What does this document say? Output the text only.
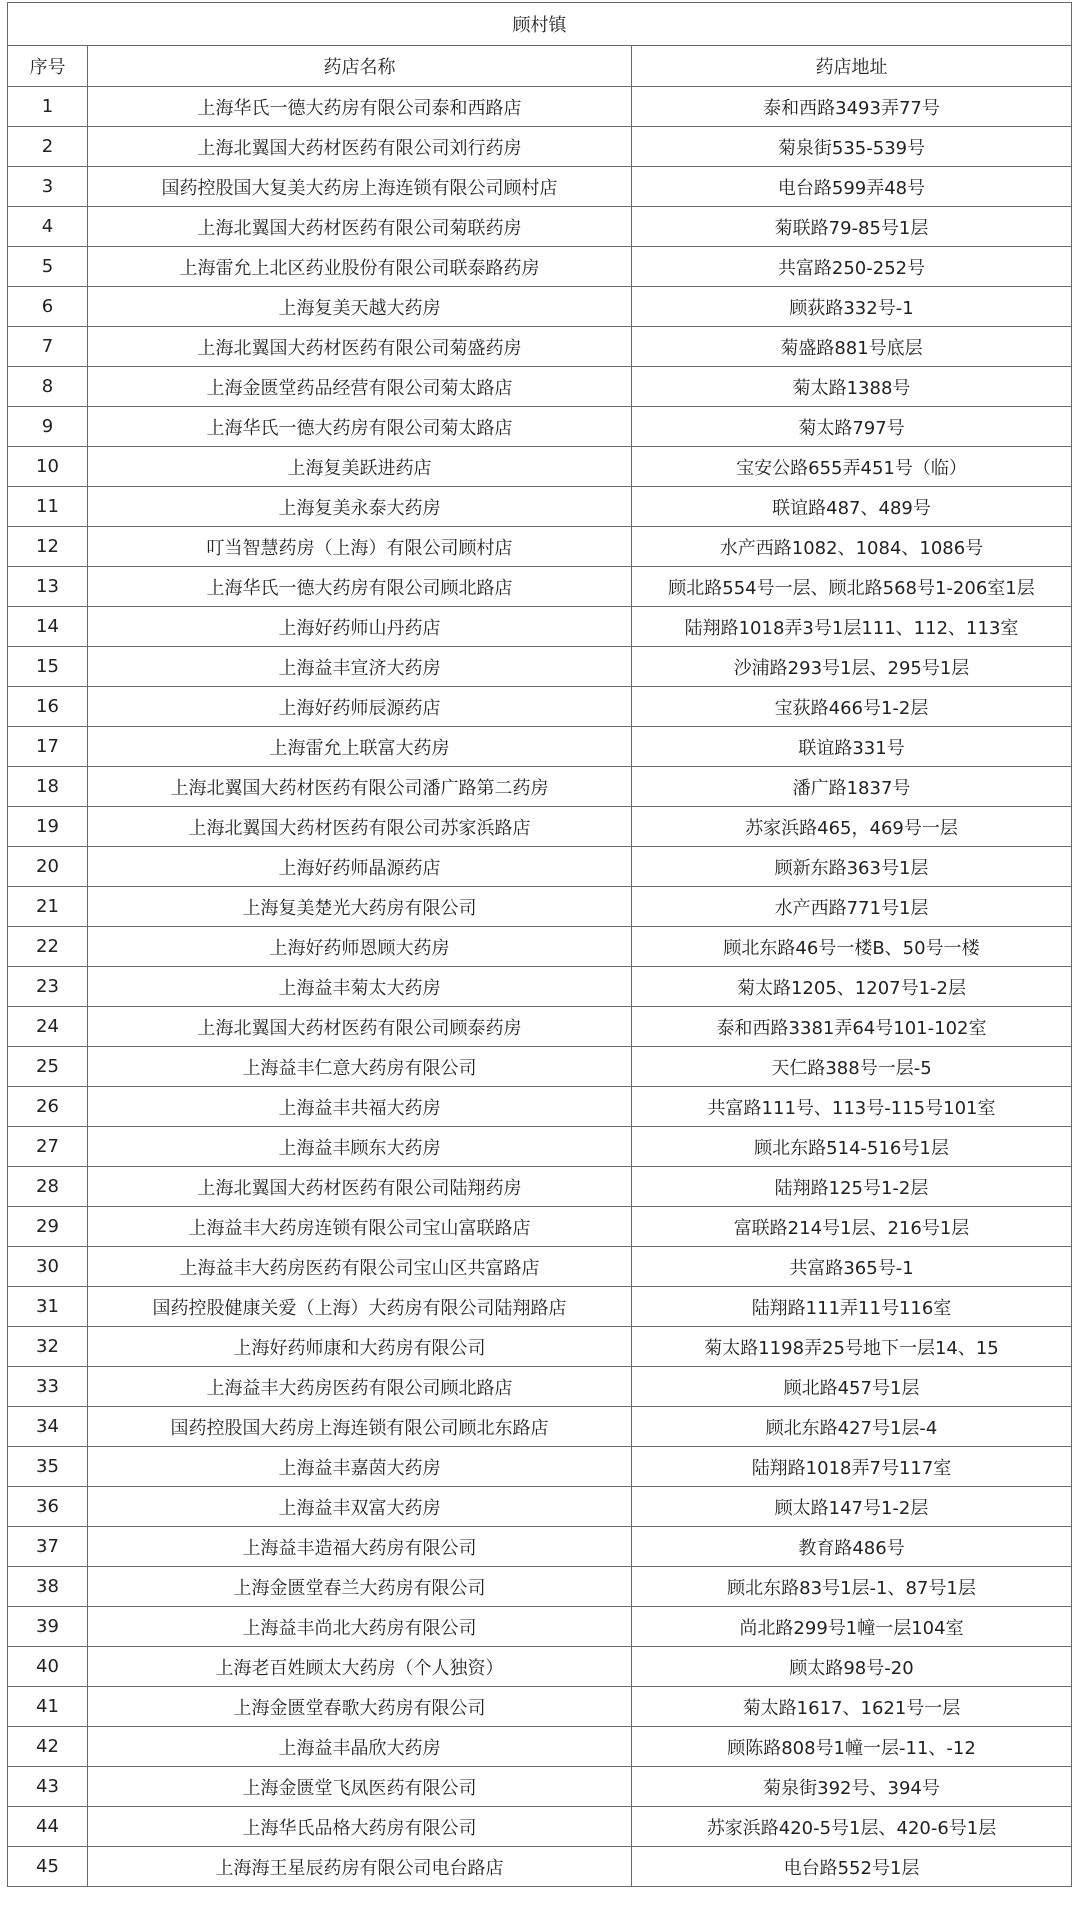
顾村镇		
序号	药店名称	药店地址
1	上海华氏一德大药房有限公司泰和西路店	泰和西路3493弄77号
2	上海北翼国大药材医药有限公司刘行药房	菊泉街535-539号
3	国药控股国大复美大药房上海连锁有限公司顾村店	电台路599弄48号
4	上海北翼国大药材医药有限公司菊联药房	菊联路79-85号1层
5	上海雷允上北区药业股份有限公司联泰路药房	共富路250-252号
6	上海复美天越大药房	顾荻路332号-1
7	上海北翼国大药材医药有限公司菊盛药房	菊盛路881号底层
8	上海金匮堂药品经营有限公司菊太路店	菊太路1388号
9	上海华氏一德大药房有限公司菊太路店	菊太路797号
10	上海复美跃进药店	宝安公路655弄451号（临）
11	上海复美永泰大药房	联谊路487、489号
12	叮当智慧药房（上海）有限公司顾村店	水产西路1082、1084、1086号
13	上海华氏一德大药房有限公司顾北路店	顾北路554号一层、顾北路568号1-206室1层
14	上海好药师山丹药店	陆翔路1018弄3号1层111、112、113室
15	上海益丰宣济大药房	沙浦路293号1层、295号1层
16	上海好药师辰源药店	宝荻路466号1-2层
17	上海雷允上联富大药房	联谊路331号
18	上海北翼国大药材医药有限公司潘广路第二药房	潘广路1837号
19	上海北翼国大药材医药有限公司苏家浜路店	苏家浜路465，469号一层
20	上海好药师晶源药店	顾新东路363号1层
21	上海复美楚光大药房有限公司	水产西路771号1层
22	上海好药师恩顾大药房	顾北东路46号一楼B、50号一楼
23	上海益丰菊太大药房	菊太路1205、1207号1-2层
24	上海北翼国大药材医药有限公司顾泰药房	泰和西路3381弄64号101-102室
25	上海益丰仁意大药房有限公司	天仁路388号一层-5
26	上海益丰共福大药房	共富路111号、113号-115号101室
27	上海益丰顾东大药房	顾北东路514-516号1层
28	上海北翼国大药材医药有限公司陆翔药房	陆翔路125号1-2层
29	上海益丰大药房连锁有限公司宝山富联路店	富联路214号1层、216号1层
30	上海益丰大药房医药有限公司宝山区共富路店	共富路365号-1
31	国药控股健康关爱（上海）大药房有限公司陆翔路店	陆翔路111弄11号116室
32	上海好药师康和大药房有限公司	菊太路1198弄25号地下一层14、15
33	上海益丰大药房医药有限公司顾北路店	顾北路457号1层
34	国药控股国大药房上海连锁有限公司顾北东路店	顾北东路427号1层-4
35	上海益丰嘉茵大药房	陆翔路1018弄7号117室
36	上海益丰双富大药房	顾太路147号1-2层
37	上海益丰造福大药房有限公司	教育路486号
38	上海金匮堂春兰大药房有限公司	顾北东路83号1层-1、87号1层
39	上海益丰尚北大药房有限公司	尚北路299号1幢一层104室
40	上海老百姓顾太大药房（个人独资）	顾太路98号-20
41	上海金匮堂春歌大药房有限公司	菊太路1617、1621号一层
42	上海益丰晶欣大药房	顾陈路808号1幢一层-11、-12
43	上海金匮堂飞凤医药有限公司	菊泉街392号、394号
44	上海华氏品格大药房有限公司	苏家浜路420-5号1层、420-6号1层
45	上海海王星辰药房有限公司电台路店	电台路552号1层
